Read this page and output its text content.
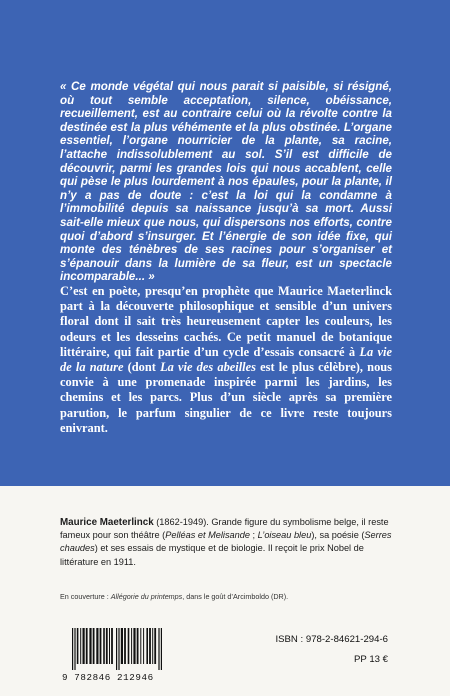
« Ce monde végétal qui nous parait si paisible, si résigné, où tout semble acceptation, silence, obéissance, recueillement, est au contraire celui où la révolte contre la destinée est la plus véhémente et la plus obstinée. L’organe essentiel, l’organe nourricier de la plante, sa racine, l’attache indissolublement au sol. S’il est difficile de découvrir, parmi les grandes lois qui nous accablent, celle qui pèse le plus lourdement à nos épaules, pour la plante, il n’y a pas de doute : c’est la loi qui la condamne à l’immobilité depuis sa naissance jusqu’à sa mort. Aussi sait-elle mieux que nous, qui dispersons nos efforts, contre quoi d’abord s’insurger. Et l’énergie de son idée fixe, qui monte des ténèbres de ses racines pour s’organiser et s’épanouir dans la lumière de sa fleur, est un spectacle incomparable... »

C’est en poète, presqu’en prophète que Maurice Maeterlinck part à la découverte philosophique et sensible d’un univers floral dont il sait très heureusement capter les couleurs, les odeurs et les desseins cachés. Ce petit manuel de botanique littéraire, qui fait partie d’un cycle d’essais consacré à La vie de la nature (dont La vie des abeilles est le plus célèbre), nous convie à une promenade inspirée parmi les jardins, les chemins et les parcs. Plus d’un siècle après sa première parution, le parfum singulier de ce livre reste toujours enivrant.

Maurice Maeterlinck (1862-1949). Grande figure du symbolisme belge, il reste fameux pour son théâtre (Pelléas et Melisande ; L’oiseau bleu), sa poésie (Serres chaudes) et ses essais de mystique et de biologie. Il reçoit le prix Nobel de littérature en 1911.

En couverture : Allégorie du printemps, dans le goût d’Arcimboldo (DR).

9 782846 212946
ISBN : 978-2-84621-294-6
PP 13 €
